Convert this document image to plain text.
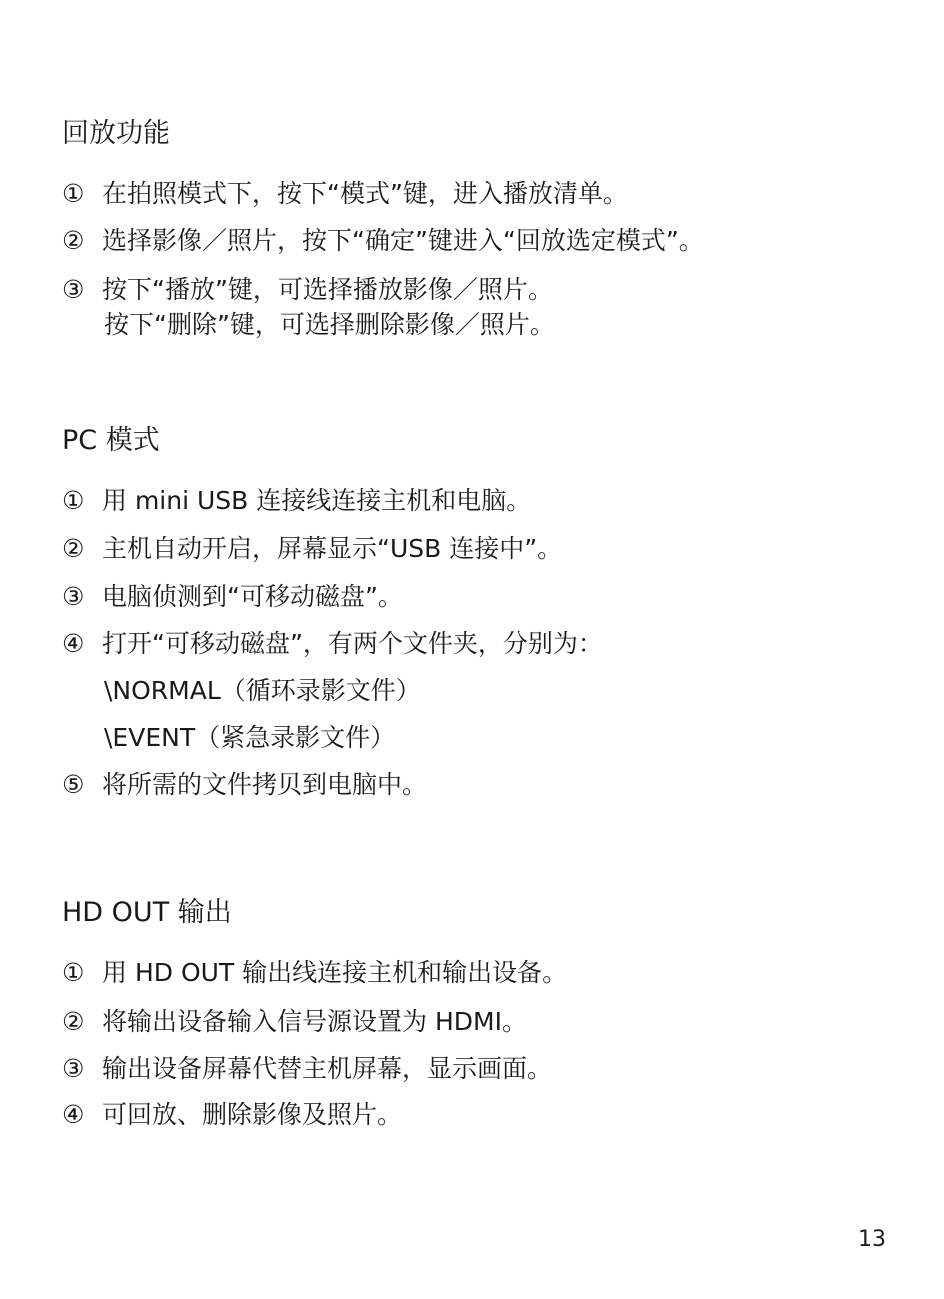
回放功能
① 在拍照模式下，按下“模式”键，进入播放清单。
② 选择影像／照片，按下“确定”键进入“回放选定模式”。
③ 按下“播放”键，可选择播放影像／照片。
按下“删除”键，可选择删除影像／照片。
PC 模式
① 用 mini USB 连接线连接主机和电脑。
② 主机自动开启，屏幕显示“USB 连接中”。
③ 电脑侦测到“可移动磁盘”。
④ 打开“可移动磁盘”，有两个文件夹，分别为：
\NORMAL（循环录影文件）
\EVENT（紧急录影文件）
⑤ 将所需的文件拷贝到电脑中。
HD OUT 输出
① 用 HD OUT 输出线连接主机和输出设备。
② 将输出设备输入信号源设置为 HDMI。
③ 输出设备屏幕代替主机屏幕，显示画面。
④ 可回放、删除影像及照片。
13
